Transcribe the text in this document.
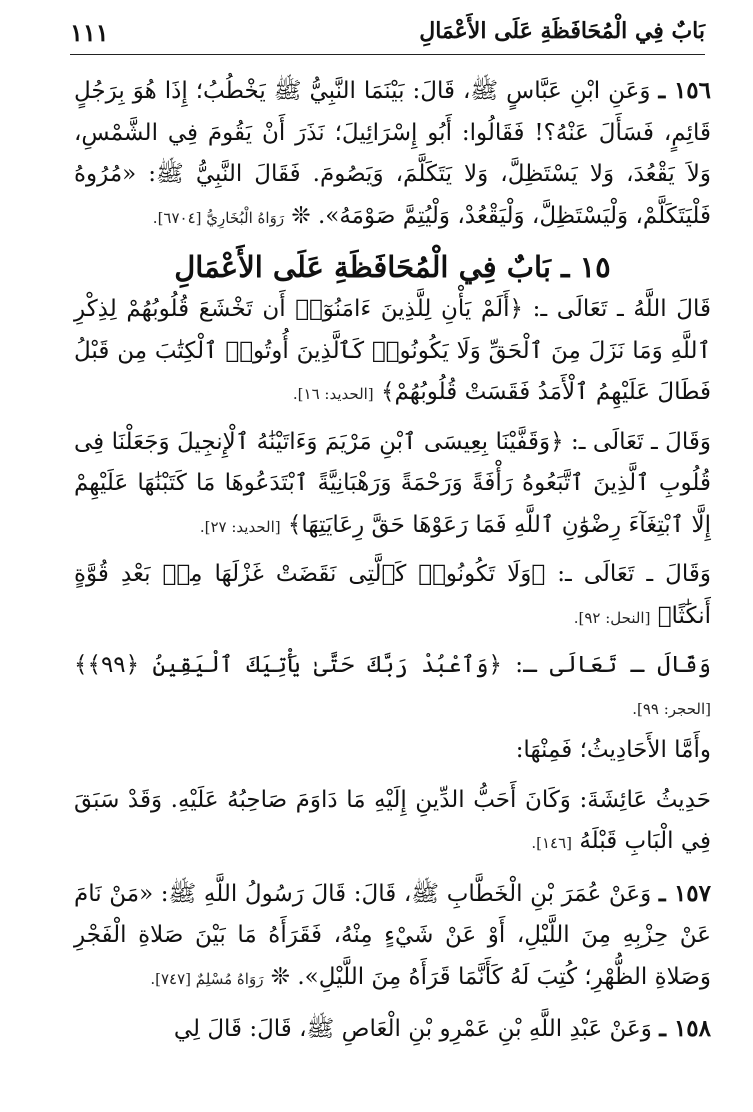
١١١	بَابٌ فِي الْمُحَافَظَةِ عَلَى الأَعْمَالِ

١٥٦ ـ وَعَنِ ابْنِ عَبَّاسٍ ﷺ، قَالَ: بَيْنَمَا النَّبِيُّ ﷺ يَخْطُبُ؛ إِذَا هُوَ بِرَجُلٍ قَائِمٍ، فَسَأَلَ عَنْهُ؟! فَقَالُوا: أَبُو إِسْرَائِيلَ؛ نَذَرَ أَنْ يَقُومَ فِي الشَّمْسِ، وَلاَ يَقْعُدَ، وَلا يَسْتَظِلَّ، وَلا يَتَكَلَّمَ، وَيَصُومَ. فَقَالَ النَّبِيُّ ﷺ: «مُرُوهُ فَلْيَتَكَلَّمْ، وَلْيَسْتَظِلَّ، وَلْيَقْعُدْ، وَلْيُتِمَّ صَوْمَهُ». ❊ رَوَاهُ الْبُخَارِيُّ [٦٧٠٤].

١٥ ـ بَابٌ فِي الْمُحَافَظَةِ عَلَى الأَعْمَالِ

قَالَ اللَّهُ ـ تَعَالَى ـ: ﴿أَلَمْ يَأْنِ لِلَّذِينَ ءَامَنُوٓا۟ أَن تَخْشَعَ قُلُوبُهُمْ لِذِكْرِ ٱللَّهِ وَمَا نَزَلَ مِنَ ٱلْحَقِّ وَلَا يَكُونُوا۟ كَٱلَّذِينَ أُوتُوا۟ ٱلْكِتَٰبَ مِن قَبْلُ فَطَالَ عَلَيْهِمُ ٱلْأَمَدُ فَقَسَتْ قُلُوبُهُمْ﴾ [الحديد: ١٦].

وَقَالَ ـ تَعَالَى ـ: ﴿وَقَفَّيْنَا بِعِيسَى ٱبْنِ مَرْيَمَ وَءَاتَيْنَٰهُ ٱلْإِنجِيلَ وَجَعَلْنَا فِى قُلُوبِ ٱلَّذِينَ ٱتَّبَعُوهُ رَأْفَةً وَرَحْمَةً وَرَهْبَانِيَّةً ٱبْتَدَعُوهَا مَا كَتَبْنَٰهَا عَلَيْهِمْ إِلَّا ٱبْتِغَآءَ رِضْوَٰنِ ٱللَّهِ فَمَا رَعَوْهَا حَقَّ رِعَايَتِهَا﴾ [الحديد: ٢٧].

وَقَالَ ـ تَعَالَى ـ: ﴿وَلَا تَكُونُوا۟ كَٱلَّتِى نَقَضَتْ غَزْلَهَا مِنۢ بَعْدِ قُوَّةٍ أَنكَٰثًا﴾ [النحل: ٩٢].

وَقَالَ ـ تَعَالَى ـ: ﴿وَٱعْبُدْ رَبَّكَ حَتَّىٰ يَأْتِيَكَ ٱلْيَقِينُ ﴿٩٩﴾﴾ [الحجر: ٩٩].

وأَمَّا الأَحَادِيثُ؛ فَمِنْهَا:

حَدِيثُ عَائِشَةَ: وَكَانَ أَحَبُّ الدِّينِ إِلَيْهِ مَا دَاوَمَ صَاحِبُهُ عَلَيْهِ. وَقَدْ سَبَقَ فِي الْبَابِ قَبْلَهُ [١٤٦].

١٥٧ ـ وَعَنْ عُمَرَ بْنِ الْخَطَّابِ ﷺ، قَالَ: قَالَ رَسُولُ اللَّهِ ﷺ: «مَنْ نَامَ عَنْ حِزْبِهِ مِنَ اللَّيْلِ، أَوْ عَنْ شَيْءٍ مِنْهُ، فَقَرَأَهُ مَا بَيْنَ صَلاةِ الْفَجْرِ وَصَلاةِ الظُّهْرِ؛ كُتِبَ لَهُ كَأَنَّمَا قَرَأَهُ مِنَ اللَّيْلِ». ❊ رَوَاهُ مُسْلِمٌ [٧٤٧].

١٥٨ ـ وَعَنْ عَبْدِ اللَّهِ بْنِ عَمْرِو بْنِ الْعَاصِ ﷺ، قَالَ: قَالَ لِي
